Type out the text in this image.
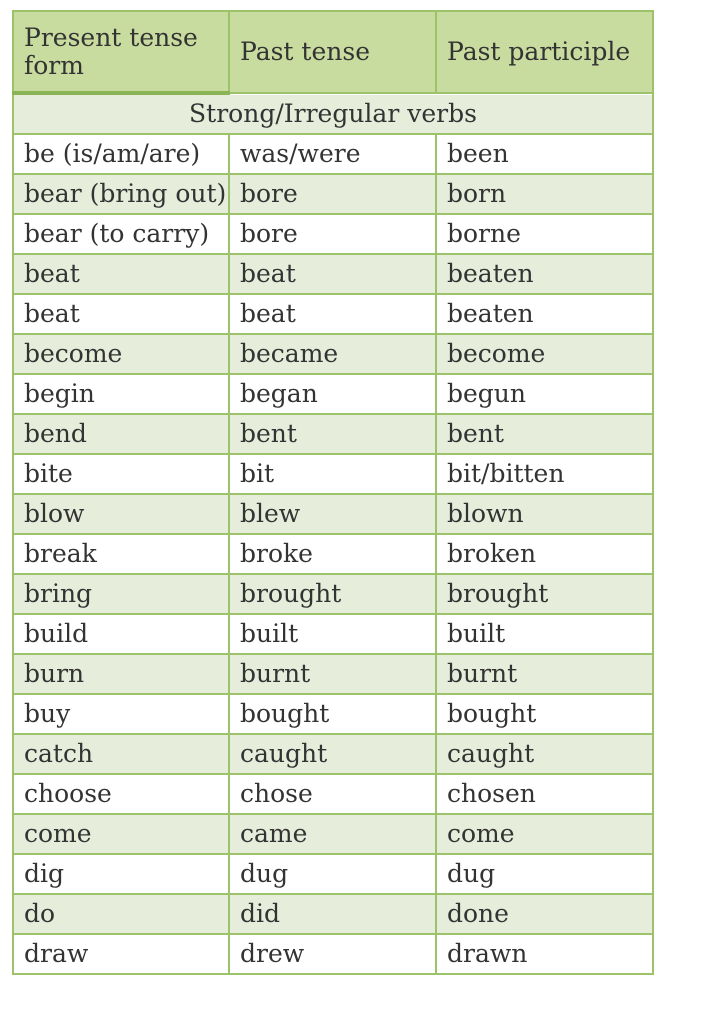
Present tense form	Past tense	Past participle
Strong/Irregular verbs		
be (is/am/are)	was/were	been
bear (bring out)	bore	born
bear (to carry)	bore	borne
beat	beat	beaten
beat	beat	beaten
become	became	become
begin	began	begun
bend	bent	bent
bite	bit	bit/bitten
blow	blew	blown
break	broke	broken
bring	brought	brought
build	built	built
burn	burnt	burnt
buy	bought	bought
catch	caught	caught
choose	chose	chosen
come	came	come
dig	dug	dug
do	did	done
draw	drew	drawn
